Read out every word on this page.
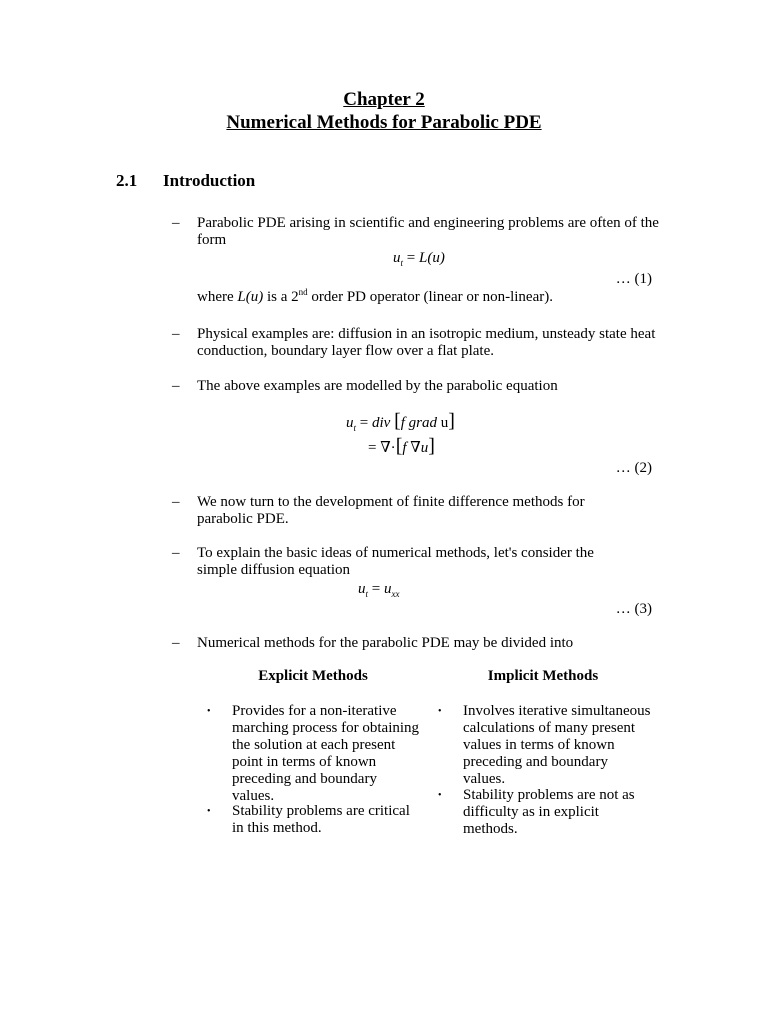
Chapter 2
Numerical Methods for Parabolic PDE
2.1 Introduction
– Parabolic PDE arising in scientific and engineering problems are often of the form
$u_t = L(u)$
… (1)
where L(u) is a 2nd order PD operator (linear or non-linear).
– Physical examples are: diffusion in an isotropic medium, unsteady state heat conduction, boundary layer flow over a flat plate.
– The above examples are modelled by the parabolic equation
$u_t$ = div [f grad u]
= ∇·[f ∇u]
… (2)
– We now turn to the development of finite difference methods for parabolic PDE.
– To explain the basic ideas of numerical methods, let's consider the simple diffusion equation
$u_t = u_{xx}$
… (3)
– Numerical methods for the parabolic PDE may be divided into
Explicit Methods	Implicit Methods
• Provides for a non-iterative marching process for obtaining the solution at each present point in terms of known preceding and boundary values.
• Stability problems are critical in this method.
• Involves iterative simultaneous calculations of many present values in terms of known preceding and boundary values.
• Stability problems are not as difficulty as in explicit methods.
